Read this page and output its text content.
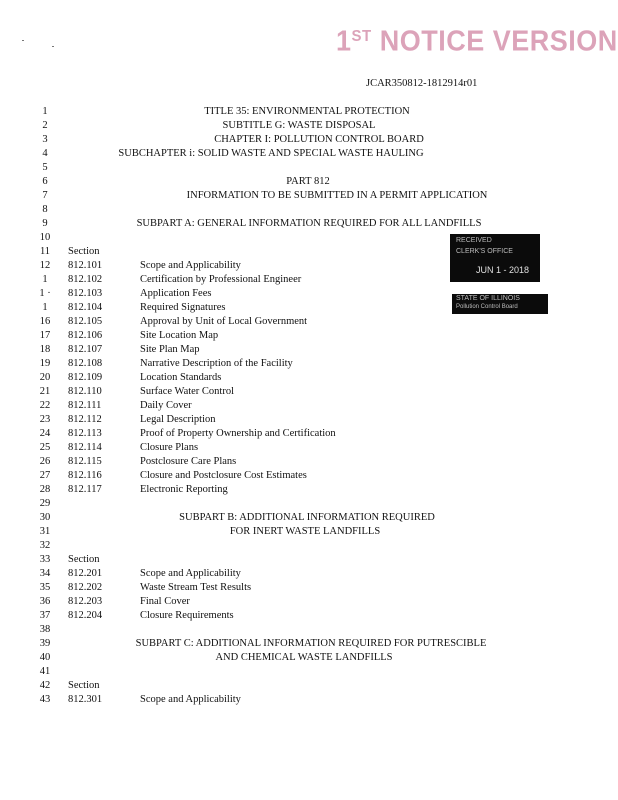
1ST NOTICE VERSION
JCAR350812-1812914r01
1	TITLE 35: ENVIRONMENTAL PROTECTION
2	SUBTITLE G: WASTE DISPOSAL
3	CHAPTER I: POLLUTION CONTROL BOARD
4	SUBCHAPTER i: SOLID WASTE AND SPECIAL WASTE HAULING
5
6	PART 812
7	INFORMATION TO BE SUBMITTED IN A PERMIT APPLICATION
8
9	SUBPART A: GENERAL INFORMATION REQUIRED FOR ALL LANDFILLS
10
11 Section
12 812.101	Scope and Applicability
1	812.102	Certification by Professional Engineer
1 · 812.103	Application Fees
1	812.104	Required Signatures
16 812.105	Approval by Unit of Local Government
17 812.106	Site Location Map
18 812.107	Site Plan Map
19 812.108	Narrative Description of the Facility
20 812.109	Location Standards
21 812.110	Surface Water Control
22 812.111	Daily Cover
23 812.112	Legal Description
24 812.113	Proof of Property Ownership and Certification
25 812.114	Closure Plans
26 812.115	Postclosure Care Plans
27 812.116	Closure and Postclosure Cost Estimates
28 812.117	Electronic Reporting
29
30	SUBPART B: ADDITIONAL INFORMATION REQUIRED
31	FOR INERT WASTE LANDFILLS
32
33 Section
34 812.201	Scope and Applicability
35 812.202	Waste Stream Test Results
36 812.203	Final Cover
37 812.204	Closure Requirements
38
39	SUBPART C: ADDITIONAL INFORMATION REQUIRED FOR PUTRESCIBLE
40	AND CHEMICAL WASTE LANDFILLS
41
42 Section
43 812.301	Scope and Applicability
RECEIVED
CLERK'S OFFICE
JUN 1 - 2018
STATE OF ILLINOIS
Pollution Control Board
